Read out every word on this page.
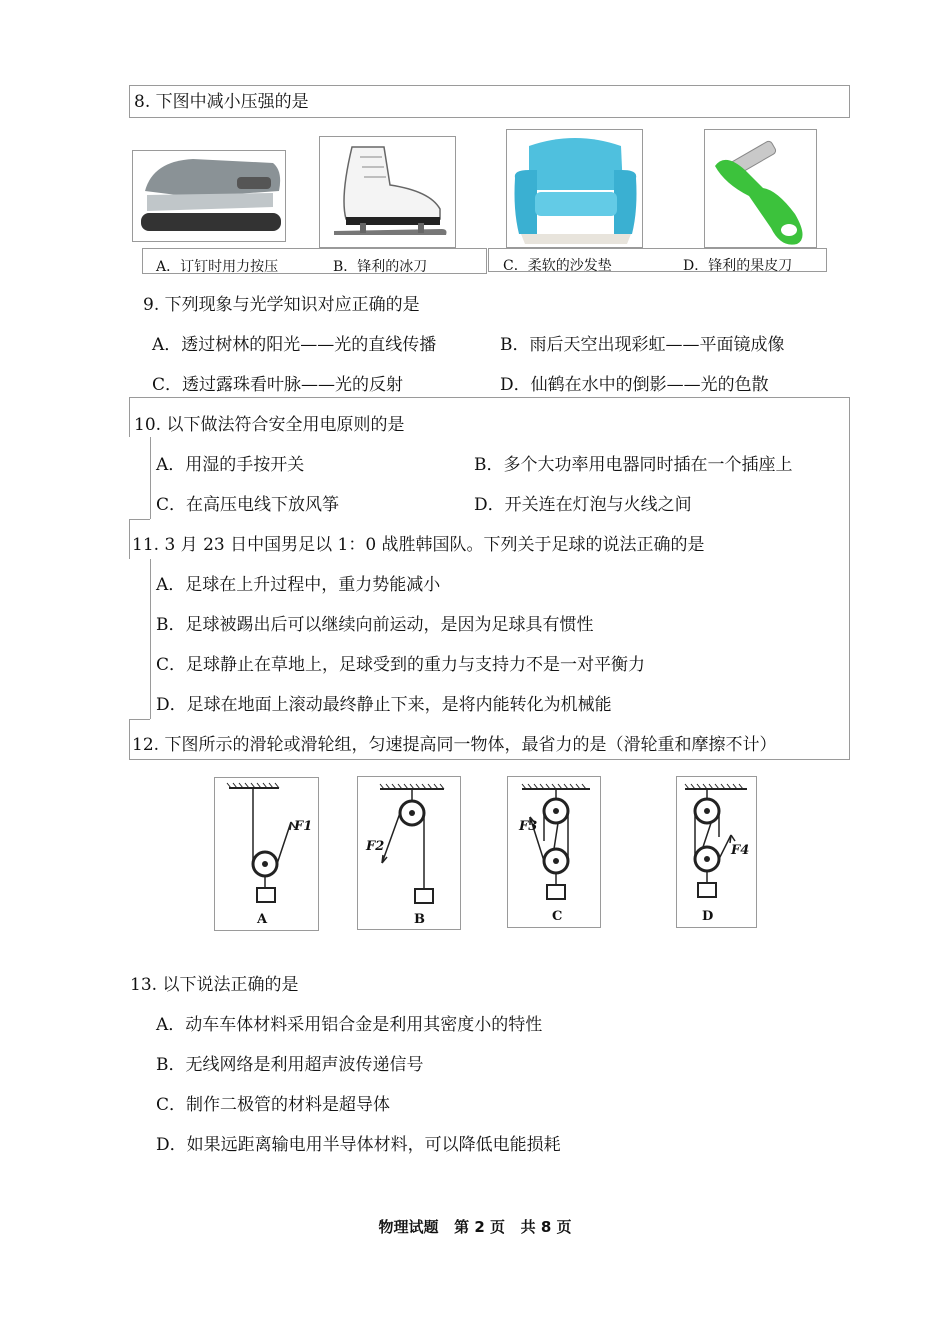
8. 下图中减小压强的是
A．订钉时用力按压	B．锋利的冰刀	C．柔软的沙发垫	D．锋利的果皮刀
9. 下列现象与光学知识对应正确的是
A．透过树林的阳光——光的直线传播	B．雨后天空出现彩虹——平面镜成像
C．透过露珠看叶脉——光的反射	D．仙鹤在水中的倒影——光的色散
10. 以下做法符合安全用电原则的是
A．用湿的手按开关	B．多个大功率用电器同时插在一个插座上
C．在高压电线下放风筝	D．开关连在灯泡与火线之间
11. 3 月 23 日中国男足以 1：0 战胜韩国队。下列关于足球的说法正确的是
A．足球在上升过程中，重力势能减小
B．足球被踢出后可以继续向前运动，是因为足球具有惯性
C．足球静止在草地上，足球受到的重力与支持力不是一对平衡力
D．足球在地面上滚动最终静止下来，是将内能转化为机械能
12. 下图所示的滑轮或滑轮组，匀速提高同一物体，最省力的是（滑轮重和摩擦不计）
F1
A
F2
B
F3
C
F4
D
13. 以下说法正确的是
A．动车车体材料采用铝合金是利用其密度小的特性
B．无线网络是利用超声波传递信号
C．制作二极管的材料是超导体
D．如果远距离输电用半导体材料，可以降低电能损耗
物理试题   第 2 页   共 8 页
